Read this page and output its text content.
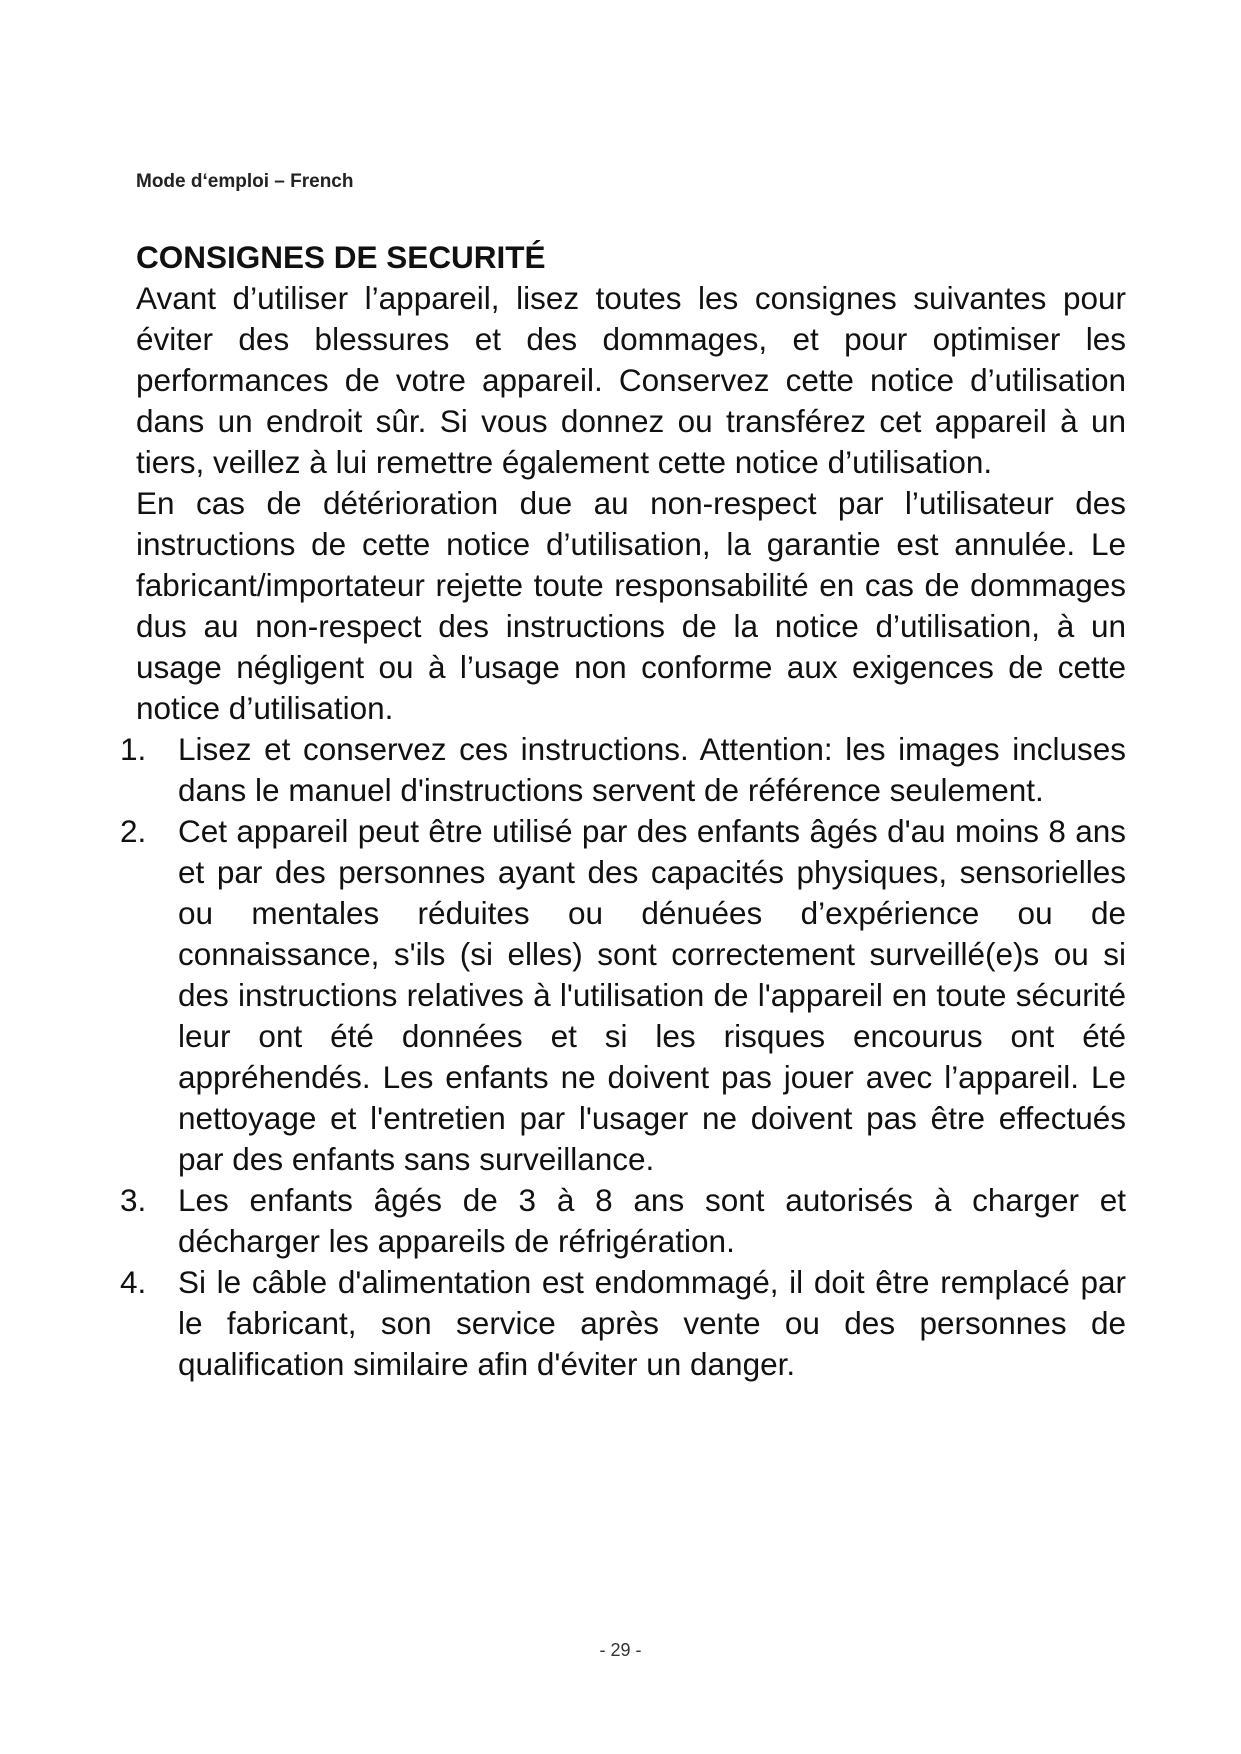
Mode d‘emploi – French
CONSIGNES DE SECURITÉ

Avant d’utiliser l’appareil, lisez toutes les consignes suivantes pour éviter des blessures et des dommages, et pour optimiser les performances de votre appareil. Conservez cette notice d’utilisation dans un endroit sûr. Si vous donnez ou transférez cet appareil à un tiers, veillez à lui remettre également cette notice d’utilisation.

En cas de détérioration due au non-respect par l’utilisateur des instructions de cette notice d’utilisation, la garantie est annulée. Le fabricant/importateur rejette toute responsabilité en cas de dommages dus au non-respect des instructions de la notice d’utilisation, à un usage négligent ou à l’usage non conforme aux exigences de cette notice d’utilisation.

1.	Lisez et conservez ces instructions. Attention: les images incluses dans le manuel d'instructions servent de référence seulement.
2.	Cet appareil peut être utilisé par des enfants âgés d'au moins 8 ans et par des personnes ayant des capacités physiques, sensorielles ou mentales réduites ou dénuées d’expérience ou de connaissance, s'ils (si elles) sont correctement surveillé(e)s ou si des instructions relatives à l'utilisation de l'appareil en toute sécurité leur ont été données et si les risques encourus ont été appréhendés. Les enfants ne doivent pas jouer avec l’appareil. Le nettoyage et l'entretien par l'usager ne doivent pas être effectués par des enfants sans surveillance.
3.	Les enfants âgés de 3 à 8 ans sont autorisés à charger et décharger les appareils de réfrigération.
4.	Si le câble d'alimentation est endommagé, il doit être remplacé par le fabricant, son service après vente ou des personnes de qualification similaire afin d'éviter un danger.
- 29 -
